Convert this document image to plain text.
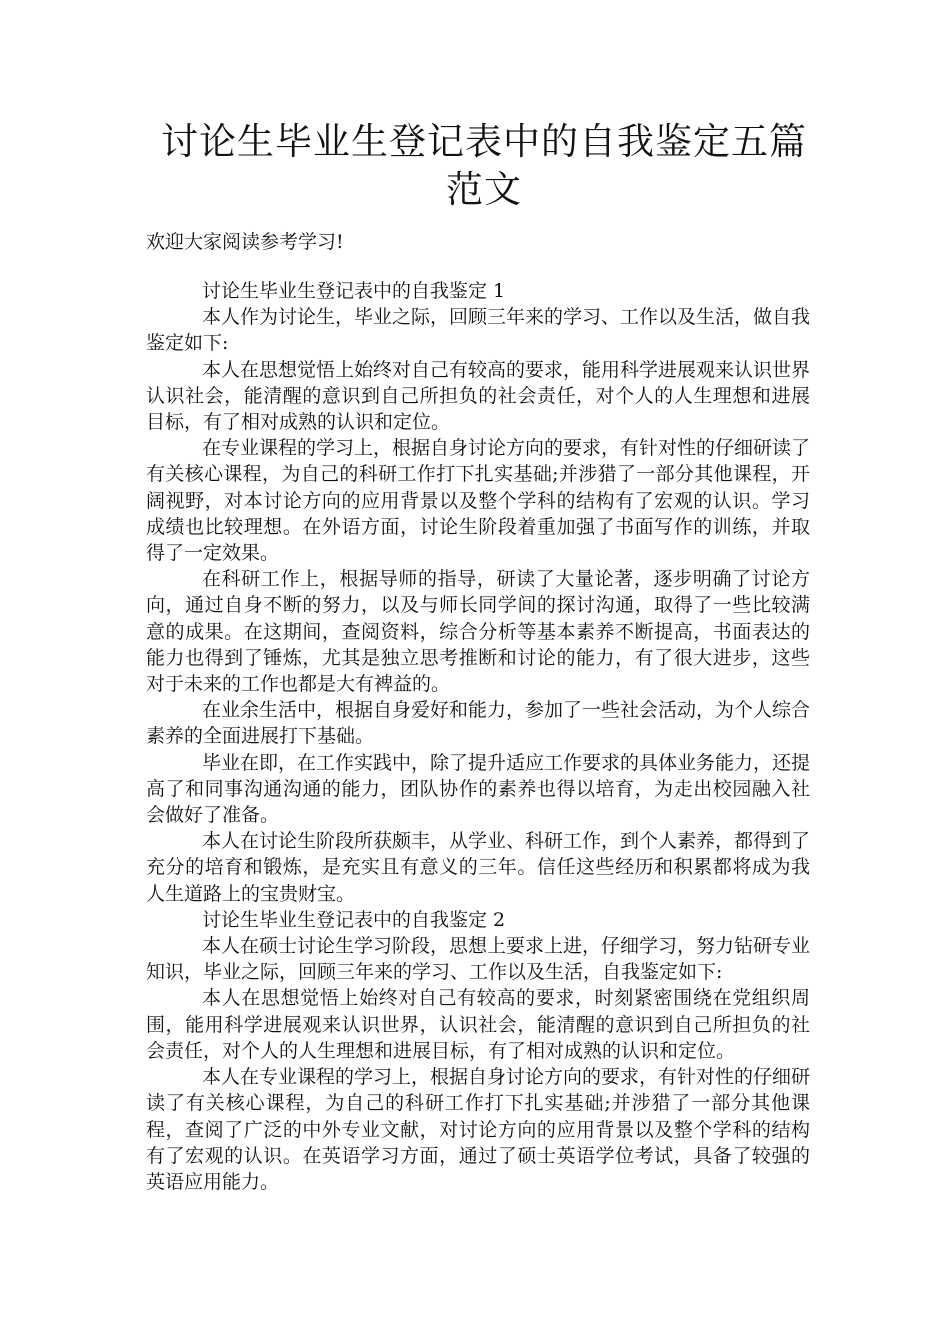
讨论生毕业生登记表中的自我鉴定五篇范文
欢迎大家阅读参考学习!

讨论生毕业生登记表中的自我鉴定 1

本人作为讨论生，毕业之际，回顾三年来的学习、工作以及生活，做自我鉴定如下:

本人在思想觉悟上始终对自己有较高的要求，能用科学进展观来认识世界认识社会，能清醒的意识到自己所担负的社会责任，对个人的人生理想和进展目标，有了相对成熟的认识和定位。

在专业课程的学习上，根据自身讨论方向的要求，有针对性的仔细研读了有关核心课程，为自己的科研工作打下扎实基础;并涉猎了一部分其他课程，开阔视野，对本讨论方向的应用背景以及整个学科的结构有了宏观的认识。学习成绩也比较理想。在外语方面，讨论生阶段着重加强了书面写作的训练，并取得了一定效果。

在科研工作上，根据导师的指导，研读了大量论著，逐步明确了讨论方向，通过自身不断的努力，以及与师长同学间的探讨沟通，取得了一些比较满意的成果。在这期间，查阅资料，综合分析等基本素养不断提高，书面表达的能力也得到了锤炼，尤其是独立思考推断和讨论的能力，有了很大进步，这些对于未来的工作也都是大有裨益的。

在业余生活中，根据自身爱好和能力，参加了一些社会活动，为个人综合素养的全面进展打下基础。

毕业在即，在工作实践中，除了提升适应工作要求的具体业务能力，还提高了和同事沟通沟通的能力，团队协作的素养也得以培育，为走出校园融入社会做好了准备。

本人在讨论生阶段所获颇丰，从学业、科研工作，到个人素养，都得到了充分的培育和锻炼，是充实且有意义的三年。信任这些经历和积累都将成为我人生道路上的宝贵财宝。

讨论生毕业生登记表中的自我鉴定 2

本人在硕士讨论生学习阶段，思想上要求上进，仔细学习，努力钻研专业知识，毕业之际，回顾三年来的学习、工作以及生活，自我鉴定如下:

本人在思想觉悟上始终对自己有较高的要求，时刻紧密围绕在党组织周围，能用科学进展观来认识世界，认识社会，能清醒的意识到自己所担负的社会责任，对个人的人生理想和进展目标，有了相对成熟的认识和定位。

本人在专业课程的学习上，根据自身讨论方向的要求，有针对性的仔细研读了有关核心课程，为自己的科研工作打下扎实基础;并涉猎了一部分其他课程，查阅了广泛的中外专业文献，对讨论方向的应用背景以及整个学科的结构有了宏观的认识。在英语学习方面，通过了硕士英语学位考试，具备了较强的英语应用能力。
